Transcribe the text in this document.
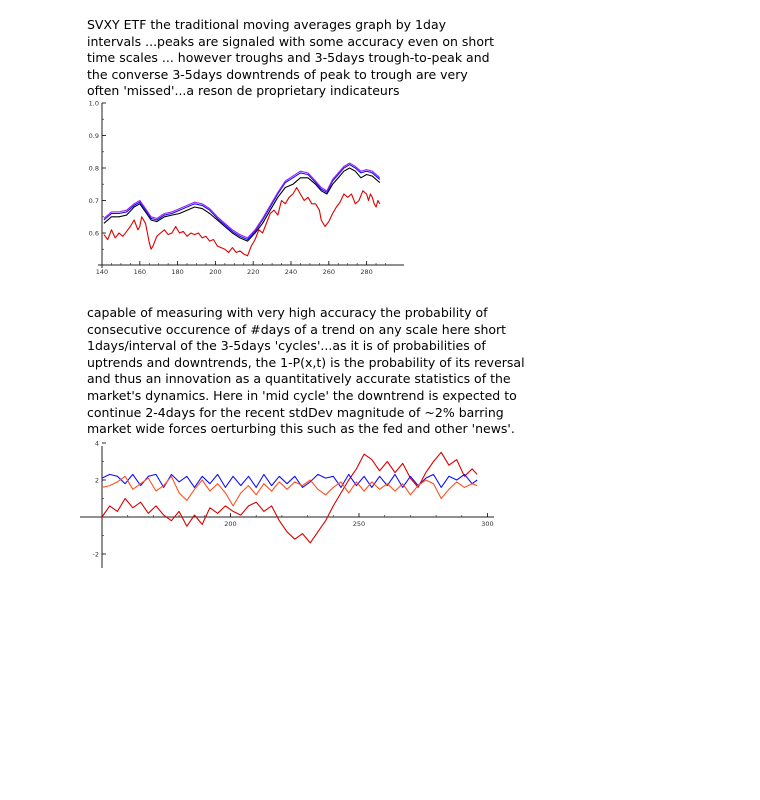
SVXY ETF the traditional moving averages graph by 1day
intervals ...peaks are signaled with some accuracy even on short
time scales ... however troughs and 3-5days trough-to-peak and
the converse 3-5days downtrends of peak to trough are very
often 'missed'...a reson de proprietary indicateurs

capable of measuring with very high accuracy the probability of
consecutive occurence of #days of a trend on any scale here short
1days/interval of the 3-5days 'cycles'...as it is of probabilities of
uptrends and downtrends, the 1-P(x,t) is the probability of its reversal
and thus an innovation as a quantitatively accurate statistics of the
market's dynamics. Here in 'mid cycle' the downtrend is expected to
continue 2-4days for the recent stdDev magnitude of ~2% barring
market wide forces oerturbing this such as the fed and other 'news'.

140	160	180	200	220	240	260	280
0.6
0.7
0.8
0.9
1.0
200	250	300
-2
2
4
